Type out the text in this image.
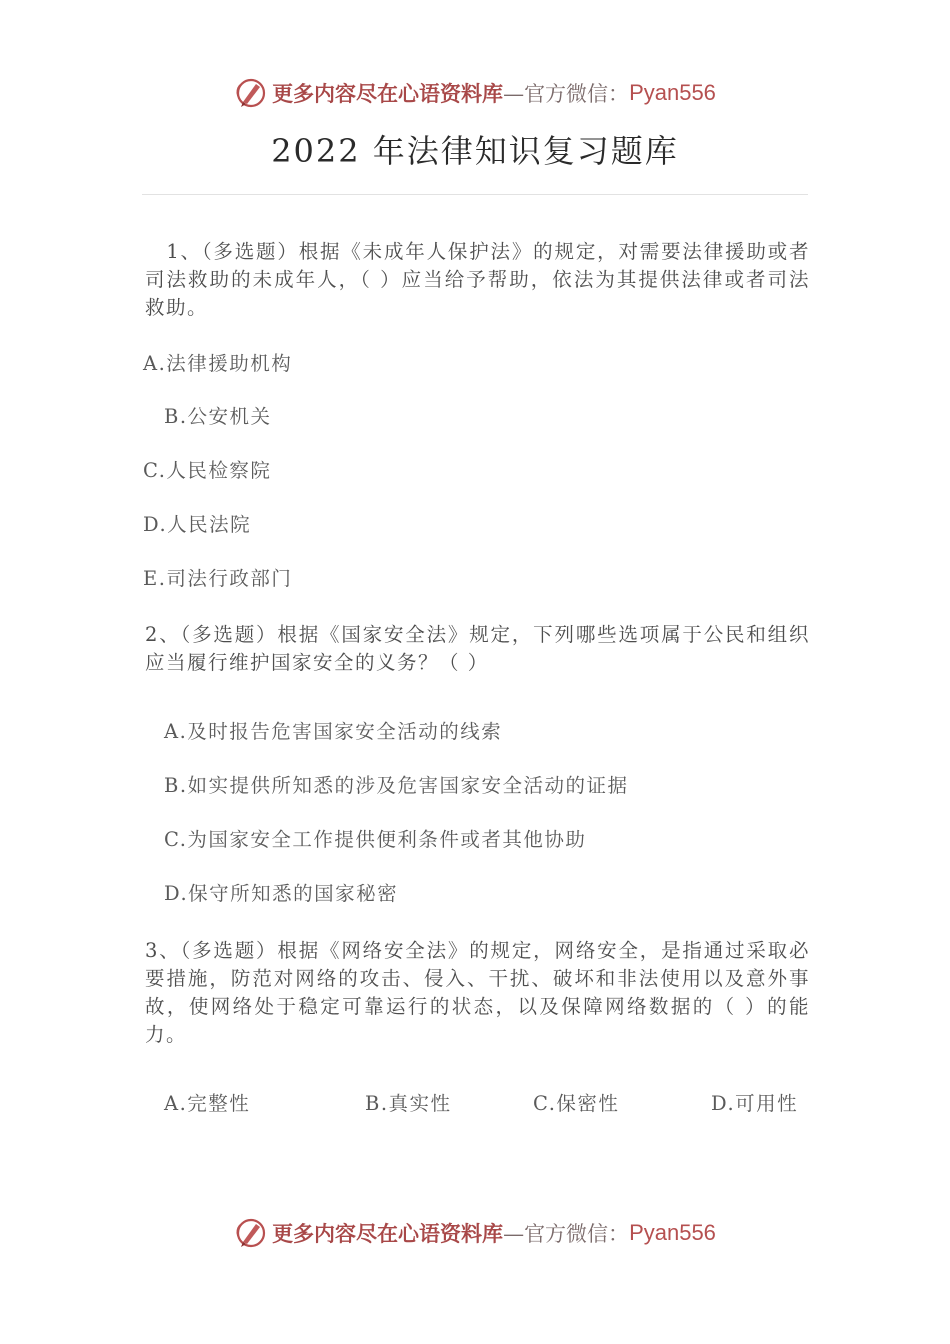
更多内容尽在心语资料库 —官方微信： Pyan556
2022 年法律知识复习题库

　1、（多选题）根据《未成年人保护法》的规定，对需要法律援助或者司法救助的未成年人，（ ）应当给予帮助，依法为其提供法律或者司法救助。

A.法律援助机构
B.公安机关
C.人民检察院
D.人民法院
E.司法行政部门

2、（多选题）根据《国家安全法》规定，下列哪些选项属于公民和组织应当履行维护国家安全的义务？（ ）

A.及时报告危害国家安全活动的线索
B.如实提供所知悉的涉及危害国家安全活动的证据
C.为国家安全工作提供便利条件或者其他协助
D.保守所知悉的国家秘密

3、（多选题）根据《网络安全法》的规定，网络安全，是指通过采取必要措施，防范对网络的攻击、侵入、干扰、破坏和非法使用以及意外事故，使网络处于稳定可靠运行的状态，以及保障网络数据的（ ）的能力。

A.完整性	B.真实性	C.保密性	D.可用性
更多内容尽在心语资料库 —官方微信： Pyan556
